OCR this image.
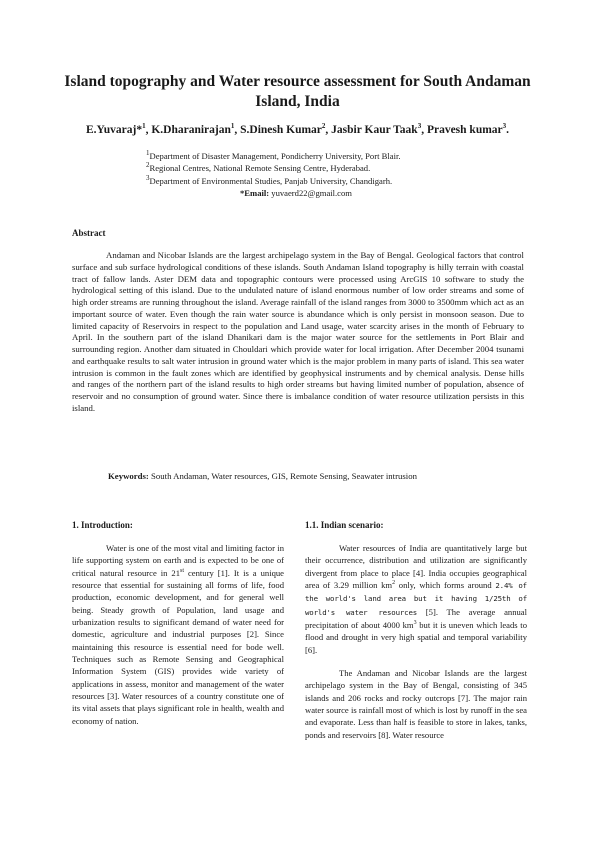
Island topography and Water resource assessment for South Andaman Island, India
E.Yuvaraj*$^1$, K.Dharanirajan$^1$, S.Dinesh Kumar$^2$, Jasbir Kaur Taak$^3$, Pravesh kumar$^3$.
$^1$Department of Disaster Management, Pondicherry University, Port Blair.
$^2$Regional Centres, National Remote Sensing Centre, Hyderabad.
$^3$Department of Environmental Studies, Panjab University, Chandigarh.
*Email: yuvaerd22@gmail.com
Abstract
Andaman and Nicobar Islands are the largest archipelago system in the Bay of Bengal. Geological factors that control surface and sub surface hydrological conditions of these islands. South Andaman Island topography is hilly terrain with coastal tract of fallow lands. Aster DEM data and topographic contours were processed using ArcGIS 10 software to study the hydrological setting of this island. Due to the undulated nature of island enormous number of low order streams and some of high order streams are running throughout the island. Average rainfall of the island ranges from 3000 to 3500mm which act as an important source of water. Even though the rain water source is abundance which is only persist in monsoon season. Due to limited capacity of Reservoirs in respect to the population and Land usage, water scarcity arises in the month of February to April. In the southern part of the island Dhanikari dam is the major water source for the settlements in Port Blair and surrounding region. Another dam situated in Chouldari which provide water for local irrigation. After December 2004 tsunami and earthquake results to salt water intrusion in ground water which is the major problem in many parts of island. This sea water intrusion is common in the fault zones which are identified by geophysical instruments and by chemical analysis. Dense hills and ranges of the northern part of the island results to high order streams but having limited number of population, absence of reservoir and no consumption of ground water. Since there is imbalance condition of water resource utilization persists in this island.
Keywords: South Andaman, Water resources, GIS, Remote Sensing, Seawater intrusion
1. Introduction:	1.1. Indian scenario:

Water is one of the most vital and limiting factor in life supporting system on earth and is expected to be one of critical natural resource in 21st century [1]. It is a unique resource that essential for sustaining all forms of life, food production, economic development, and for general well being. Steady growth of Population, land usage and urbanization results to significant demand of water need for domestic, agriculture and industrial purposes [2]. Since maintaining this resource is essential need for bode well. Techniques such as Remote Sensing and Geographical Information System (GIS) provides wide variety of applications in assess, monitor and management of the water resources [3]. Water resources of a country constitute one of its vital assets that plays significant role in health, wealth and economy of nation.

Water resources of India are quantitatively large but their occurrence, distribution and utilization are significantly divergent from place to place [4]. India occupies geographical area of 3.29 million $km^2$ only, which forms around 2.4% of the world's land area but it having 1/25th of world's water resources [5]. The average annual precipitation of about 4000 $km^3$ but it is uneven which leads to flood and drought in very high spatial and temporal variability [6].

The Andaman and Nicobar Islands are the largest archipelago system in the Bay of Bengal, consisting of 345 islands and 206 rocks and rocky outcrops [7]. The major rain water source is rainfall most of which is lost by runoff in the sea and evaporate. Less than half is feasible to store in lakes, tanks, ponds and reservoirs [8]. Water resource
